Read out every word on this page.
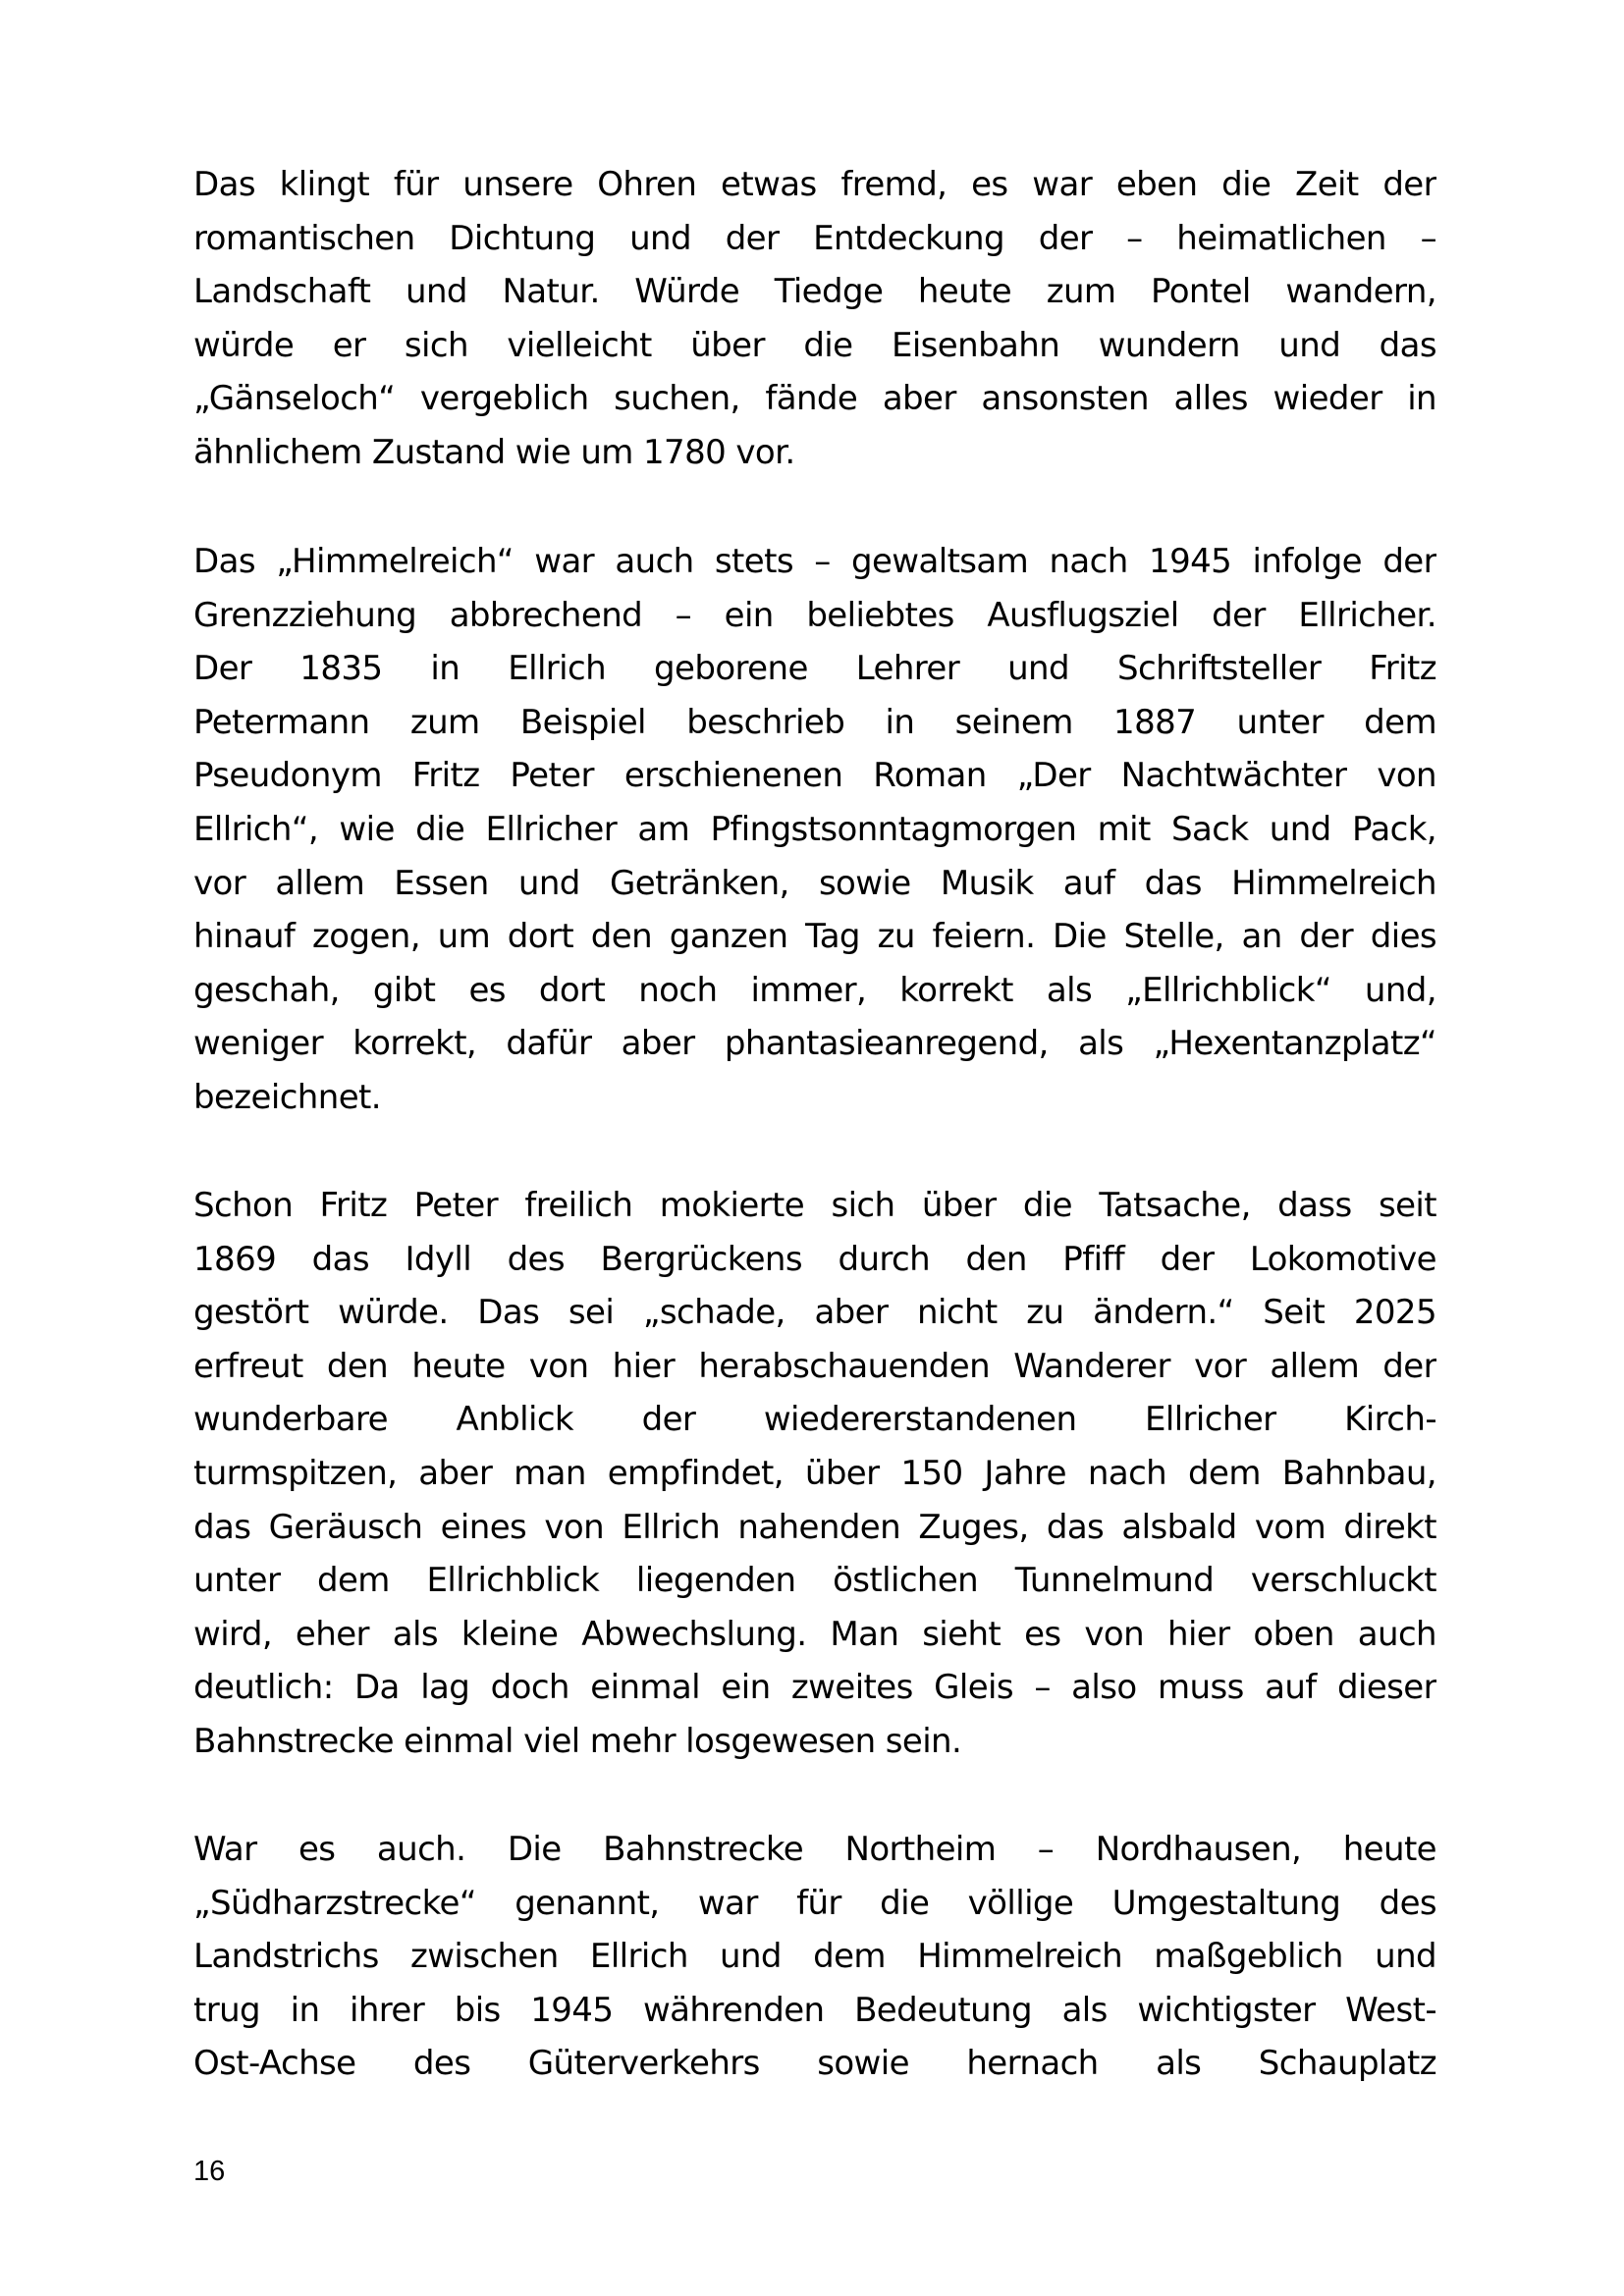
Das klingt für unsere Ohren etwas fremd, es war eben die Zeit der
romantischen Dichtung und der Entdeckung der – heimatlichen –
Landschaft und Natur. Würde Tiedge heute zum Pontel wandern,
würde er sich vielleicht über die Eisenbahn wundern und das
„Gänseloch“ vergeblich suchen, fände aber ansonsten alles wieder in
ähnlichem Zustand wie um 1780 vor.
Das „Himmelreich“ war auch stets – gewaltsam nach 1945 infolge der
Grenzziehung abbrechend – ein beliebtes Ausflugsziel der Ellricher.
Der 1835 in Ellrich geborene Lehrer und Schriftsteller Fritz
Petermann zum Beispiel beschrieb in seinem 1887 unter dem
Pseudonym Fritz Peter erschienenen Roman „Der Nachtwächter von
Ellrich“, wie die Ellricher am Pfingstsonntagmorgen mit Sack und Pack,
vor allem Essen und Getränken, sowie Musik auf das Himmelreich
hinauf zogen, um dort den ganzen Tag zu feiern. Die Stelle, an der dies
geschah, gibt es dort noch immer, korrekt als „Ellrichblick“ und,
weniger korrekt, dafür aber phantasieanregend, als „Hexentanzplatz“
bezeichnet.
Schon Fritz Peter freilich mokierte sich über die Tatsache, dass seit
1869 das Idyll des Bergrückens durch den Pfiff der Lokomotive
gestört würde. Das sei „schade, aber nicht zu ändern.“ Seit 2025
erfreut den heute von hier herabschauenden Wanderer vor allem der
wunderbare Anblick der wiedererstandenen Ellricher Kirch-
turmspitzen, aber man empfindet, über 150 Jahre nach dem Bahnbau,
das Geräusch eines von Ellrich nahenden Zuges, das alsbald vom direkt
unter dem Ellrichblick liegenden östlichen Tunnelmund verschluckt
wird, eher als kleine Abwechslung. Man sieht es von hier oben auch
deutlich: Da lag doch einmal ein zweites Gleis – also muss auf dieser
Bahnstrecke einmal viel mehr losgewesen sein.
War es auch. Die Bahnstrecke Northeim – Nordhausen, heute
„Südharzstrecke“ genannt, war für die völlige Umgestaltung des
Landstrichs zwischen Ellrich und dem Himmelreich maßgeblich und
trug in ihrer bis 1945 währenden Bedeutung als wichtigster West-
Ost-Achse des Güterverkehrs sowie hernach als Schauplatz
16
